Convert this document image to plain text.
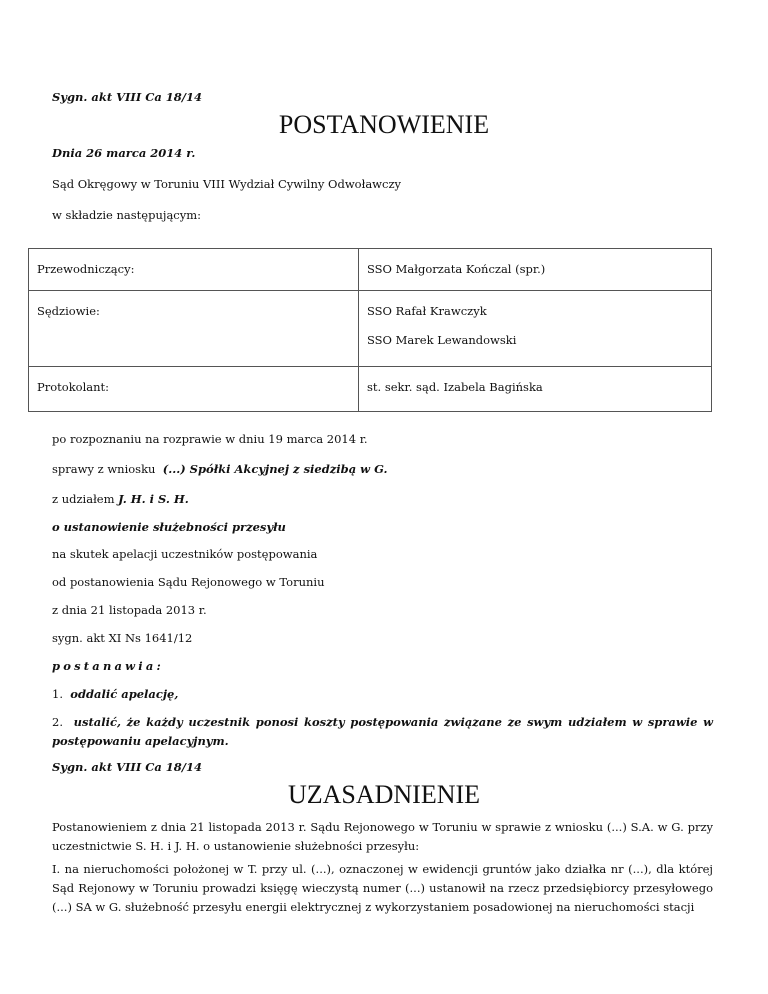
Sygn. akt VIII Ca 18/14
POSTANOWIENIE
Dnia 26 marca 2014 r.
Sąd Okręgowy w Toruniu VIII Wydział Cywilny Odwoławczy
w składzie następującym:

Przewodniczący:	SSO Małgorzata Kończal (spr.)

Sędziowie:	SSO Rafał Krawczyk

SSO Marek Lewandowski

Protokolant:	st. sekr. sąd. Izabela Bagińska

po rozpoznaniu na rozprawie w dniu 19 marca 2014 r.
sprawy z wniosku (...) Spółki Akcyjnej z siedzibą w G.
z udziałem J. H. i S. H.
o ustanowienie służebności przesyłu
na skutek apelacji uczestników postępowania
od postanowienia Sądu Rejonowego w Toruniu
z dnia 21 listopada 2013 r.
sygn. akt XI Ns 1641/12
postanawia:
1. oddalić apelację,
2. ustalić, że każdy uczestnik ponosi koszty postępowania związane ze swym udziałem w sprawie w postępowaniu apelacyjnym.
Sygn. akt VIII Ca 18/14
UZASADNIENIE
Postanowieniem z dnia 21 listopada 2013 r. Sądu Rejonowego w Toruniu w sprawie z wniosku (...) S.A. w G. przy uczestnictwie S. H. i J. H. o ustanowienie służebności przesyłu:
I. na nieruchomości położonej w T. przy ul. (...), oznaczonej w ewidencji gruntów jako działka nr (...), dla której Sąd Rejonowy w Toruniu prowadzi księgę wieczystą numer (...) ustanowił na rzecz przedsiębiorcy przesyłowego (...) SA w G. służebność przesyłu energii elektrycznej z wykorzystaniem posadowionej na nieruchomości stacji
